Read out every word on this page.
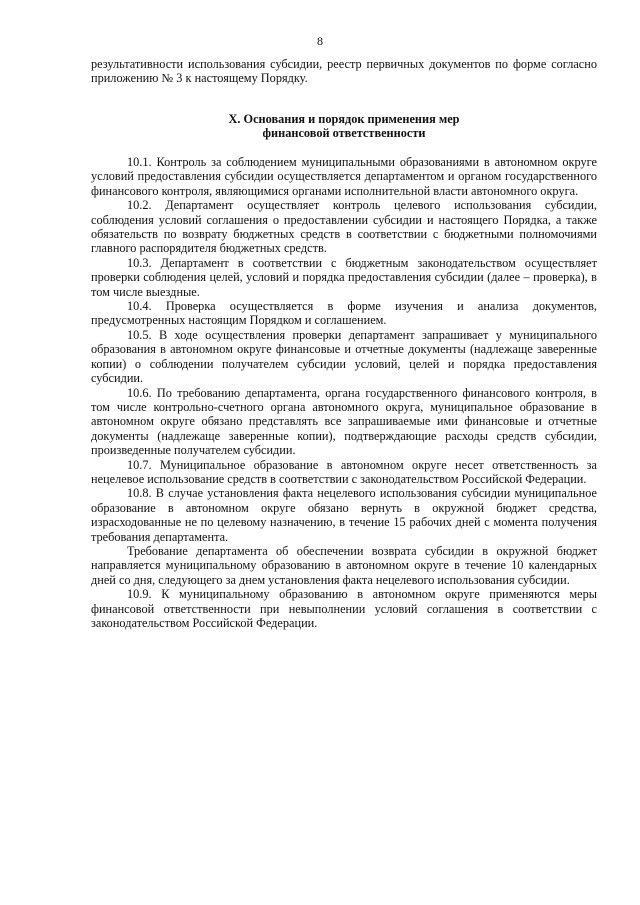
8

результативности использования субсидии, реестр первичных документов по форме согласно приложению № 3 к настоящему Порядку.

X. Основания и порядок применения мер
финансовой ответственности

10.1. Контроль за соблюдением муниципальными образованиями в автономном округе условий предоставления субсидии осуществляется департаментом и органом государственного финансового контроля, являющимися органами исполнительной власти автономного округа.

10.2. Департамент осуществляет контроль целевого использования субсидии, соблюдения условий соглашения о предоставлении субсидии и настоящего Порядка, а также обязательств по возврату бюджетных средств в соответствии с бюджетными полномочиями главного распорядителя бюджетных средств.

10.3. Департамент в соответствии с бюджетным законодательством осуществляет проверки соблюдения целей, условий и порядка предоставления субсидии (далее – проверка), в том числе выездные.

10.4. Проверка осуществляется в форме изучения и анализа документов, предусмотренных настоящим Порядком и соглашением.

10.5. В ходе осуществления проверки департамент запрашивает у муниципального образования в автономном округе финансовые и отчетные документы (надлежаще заверенные копии) о соблюдении получателем субсидии условий, целей и порядка предоставления субсидии.

10.6. По требованию департамента, органа государственного финансового контроля, в том числе контрольно-счетного органа автономного округа, муниципальное образование в автономном округе обязано представлять все запрашиваемые ими финансовые и отчетные документы (надлежаще заверенные копии), подтверждающие расходы средств субсидии, произведенные получателем субсидии.

10.7. Муниципальное образование в автономном округе несет ответственность за нецелевое использование средств в соответствии с законодательством Российской Федерации.

10.8. В случае установления факта нецелевого использования субсидии муниципальное образование в автономном округе обязано вернуть в окружной бюджет средства, израсходованные не по целевому назначению, в течение 15 рабочих дней с момента получения требования департамента.

Требование департамента об обеспечении возврата субсидии в окружной бюджет направляется муниципальному образованию в автономном округе в течение 10 календарных дней со дня, следующего за днем установления факта нецелевого использования субсидии.

10.9. К муниципальному образованию в автономном округе применяются меры финансовой ответственности при невыполнении условий соглашения в соответствии с законодательством Российской Федерации.
